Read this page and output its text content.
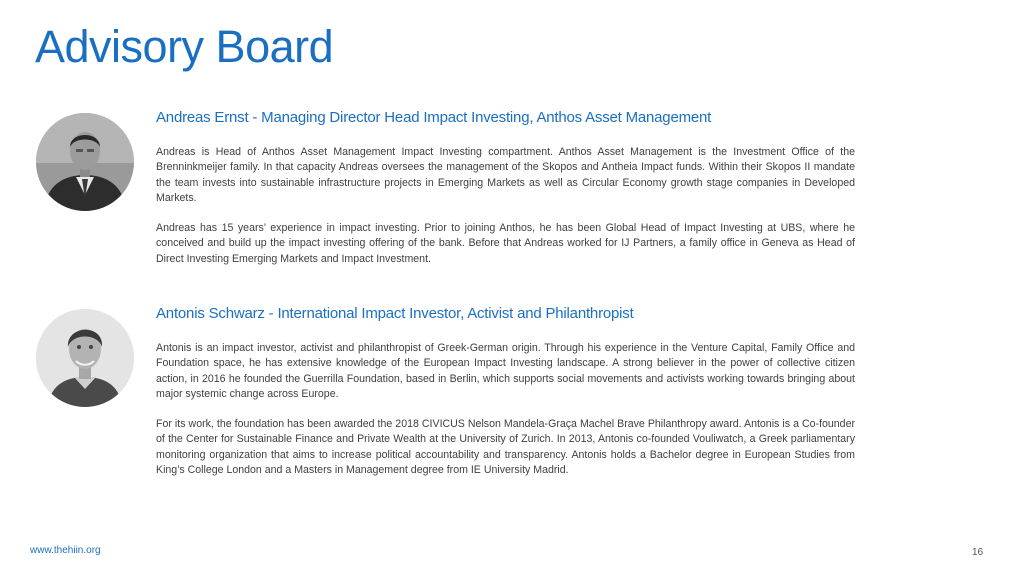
Advisory Board
Andreas Ernst - Managing Director Head Impact Investing, Anthos Asset Management

Andreas is Head of Anthos Asset Management Impact Investing compartment. Anthos Asset Management is the Investment Office of the Brenninkmeijer family. In that capacity Andreas oversees the management of the Skopos and Antheia Impact funds. Within their Skopos II mandate the team invests into sustainable infrastructure projects in Emerging Markets as well as Circular Economy growth stage companies in Developed Markets.

Andreas has 15 years’ experience in impact investing. Prior to joining Anthos, he has been Global Head of Impact Investing at UBS, where he conceived and build up the impact investing offering of the bank. Before that Andreas worked for IJ Partners, a family office in Geneva as Head of Direct Investing Emerging Markets and Impact Investment.

Antonis Schwarz - International Impact Investor, Activist and Philanthropist

Antonis is an impact investor, activist and philanthropist of Greek-German origin. Through his experience in the Venture Capital, Family Office and Foundation space, he has extensive knowledge of the European Impact Investing landscape. A strong believer in the power of collective citizen action, in 2016 he founded the Guerrilla Foundation, based in Berlin, which supports social movements and activists working towards bringing about major systemic change across Europe.

For its work, the foundation has been awarded the 2018 CIVICUS Nelson Mandela-Graça Machel Brave Philanthropy award. Antonis is a Co-founder of the Center for Sustainable Finance and Private Wealth at the University of Zurich. In 2013, Antonis co-founded Vouliwatch, a Greek parliamentary monitoring organization that aims to increase political accountability and transparency. Antonis holds a Bachelor degree in European Studies from King’s College London and a Masters in Management degree from IE University Madrid.

www.thehiin.org	16
